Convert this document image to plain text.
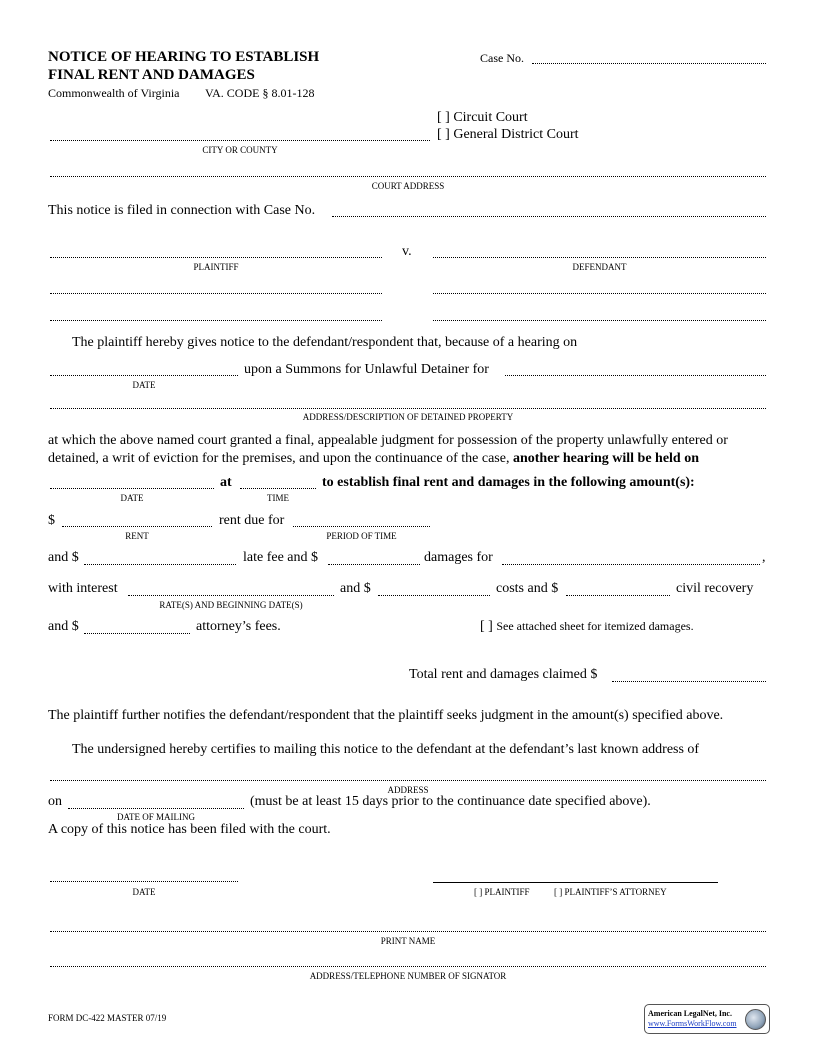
NOTICE OF HEARING TO ESTABLISH
FINAL RENT AND DAMAGES
Commonwealth of Virginia VA. CODE § 8.01-128
Case No.
[ ] Circuit Court
[ ] General District Court
CITY OR COUNTY
COURT ADDRESS
This notice is filed in connection with Case No.
v.
PLAINTIFF	DEFENDANT
The plaintiff hereby gives notice to the defendant/respondent that, because of a hearing on
DATE
upon a Summons for Unlawful Detainer for
ADDRESS/DESCRIPTION OF DETAINED PROPERTY
at which the above named court granted a final, appealable judgment for possession of the property unlawfully entered or detained, a writ of eviction for the premises, and upon the continuance of the case, another hearing will be held on
at	to establish final rent and damages in the following amount(s):
DATE	TIME
$
RENT
rent due for
PERIOD OF TIME
and $	late fee and $	damages for	,
with interest
RATE(S) AND BEGINNING DATE(S)
and $	costs and $	civil recovery
and $	attorney’s fees.	[ ] See attached sheet for itemized damages.
Total rent and damages claimed $
The plaintiff further notifies the defendant/respondent that the plaintiff seeks judgment in the amount(s) specified above.
The undersigned hereby certifies to mailing this notice to the defendant at the defendant’s last known address of
ADDRESS
on
DATE OF MAILING
(must be at least 15 days prior to the continuance date specified above).
A copy of this notice has been filed with the court.
DATE	[ ] PLAINTIFF	[ ] PLAINTIFF’S ATTORNEY
PRINT NAME
ADDRESS/TELEPHONE NUMBER OF SIGNATOR
FORM DC-422 MASTER 07/19	American LegalNet, Inc.
www.FormsWorkFlow.com
